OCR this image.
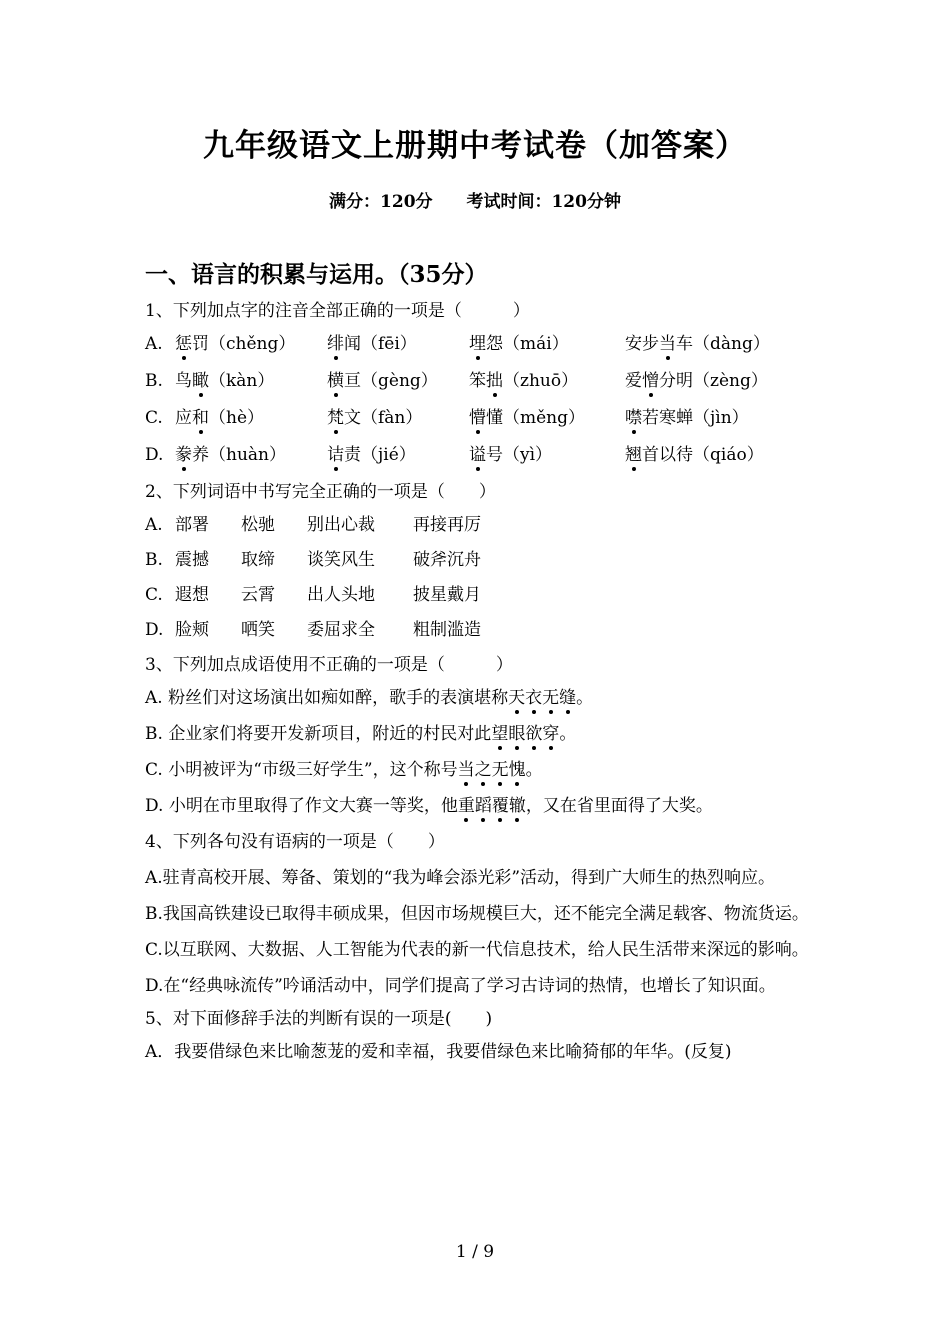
九年级语文上册期中考试卷（加答案）
满分：120分 考试时间：120分钟
一、语言的积累与运用。（35分）
1、下列加点字的注音全部正确的一项是（　　　）
A. 惩罚（chěng） 绯闻（fēi）	埋怨（mái）	安步当车（dàng）
B. 鸟瞰（kàn）	横亘（gèng） 笨拙（zhuō）	爱憎分明（zèng）
C. 应和（hè）	梵文（fàn）	懵懂（měng） 噤若寒蝉（jìn）
D. 豢养（huàn） 诘责（jié）	谥号（yì）	翘首以待（qiáo）
2、下列词语中书写完全正确的一项是（　　）
A. 部署 松驰 别出心裁 再接再厉
B. 震撼 取缔 谈笑风生 破斧沉舟
C. 遐想 云霄 出人头地 披星戴月
D. 脸颊 哂笑 委屈求全 粗制滥造
3、下列加点成语使用不正确的一项是（　　　）
A. 粉丝们对这场演出如痴如醉，歌手的表演堪称天衣无缝。
B. 企业家们将要开发新项目，附近的村民对此望眼欲穿。
C. 小明被评为“市级三好学生”，这个称号当之无愧。
D. 小明在市里取得了作文大赛一等奖，他重蹈覆辙，又在省里面得了大奖。
4、下列各句没有语病的一项是（　　）
A.驻青高校开展、筹备、策划的“我为峰会添光彩”活动，得到广大师生的热烈响应。
B.我国高铁建设已取得丰硕成果，但因市场规模巨大，还不能完全满足载客、物流货运。
C.以互联网、大数据、人工智能为代表的新一代信息技术，给人民生活带来深远的影响。
D.在“经典咏流传”吟诵活动中，同学们提高了学习古诗词的热情，也增长了知识面。
5、对下面修辞手法的判断有误的一项是(　　)
A．我要借绿色来比喻葱茏的爱和幸福，我要借绿色来比喻猗郁的年华。(反复)
1 / 9
